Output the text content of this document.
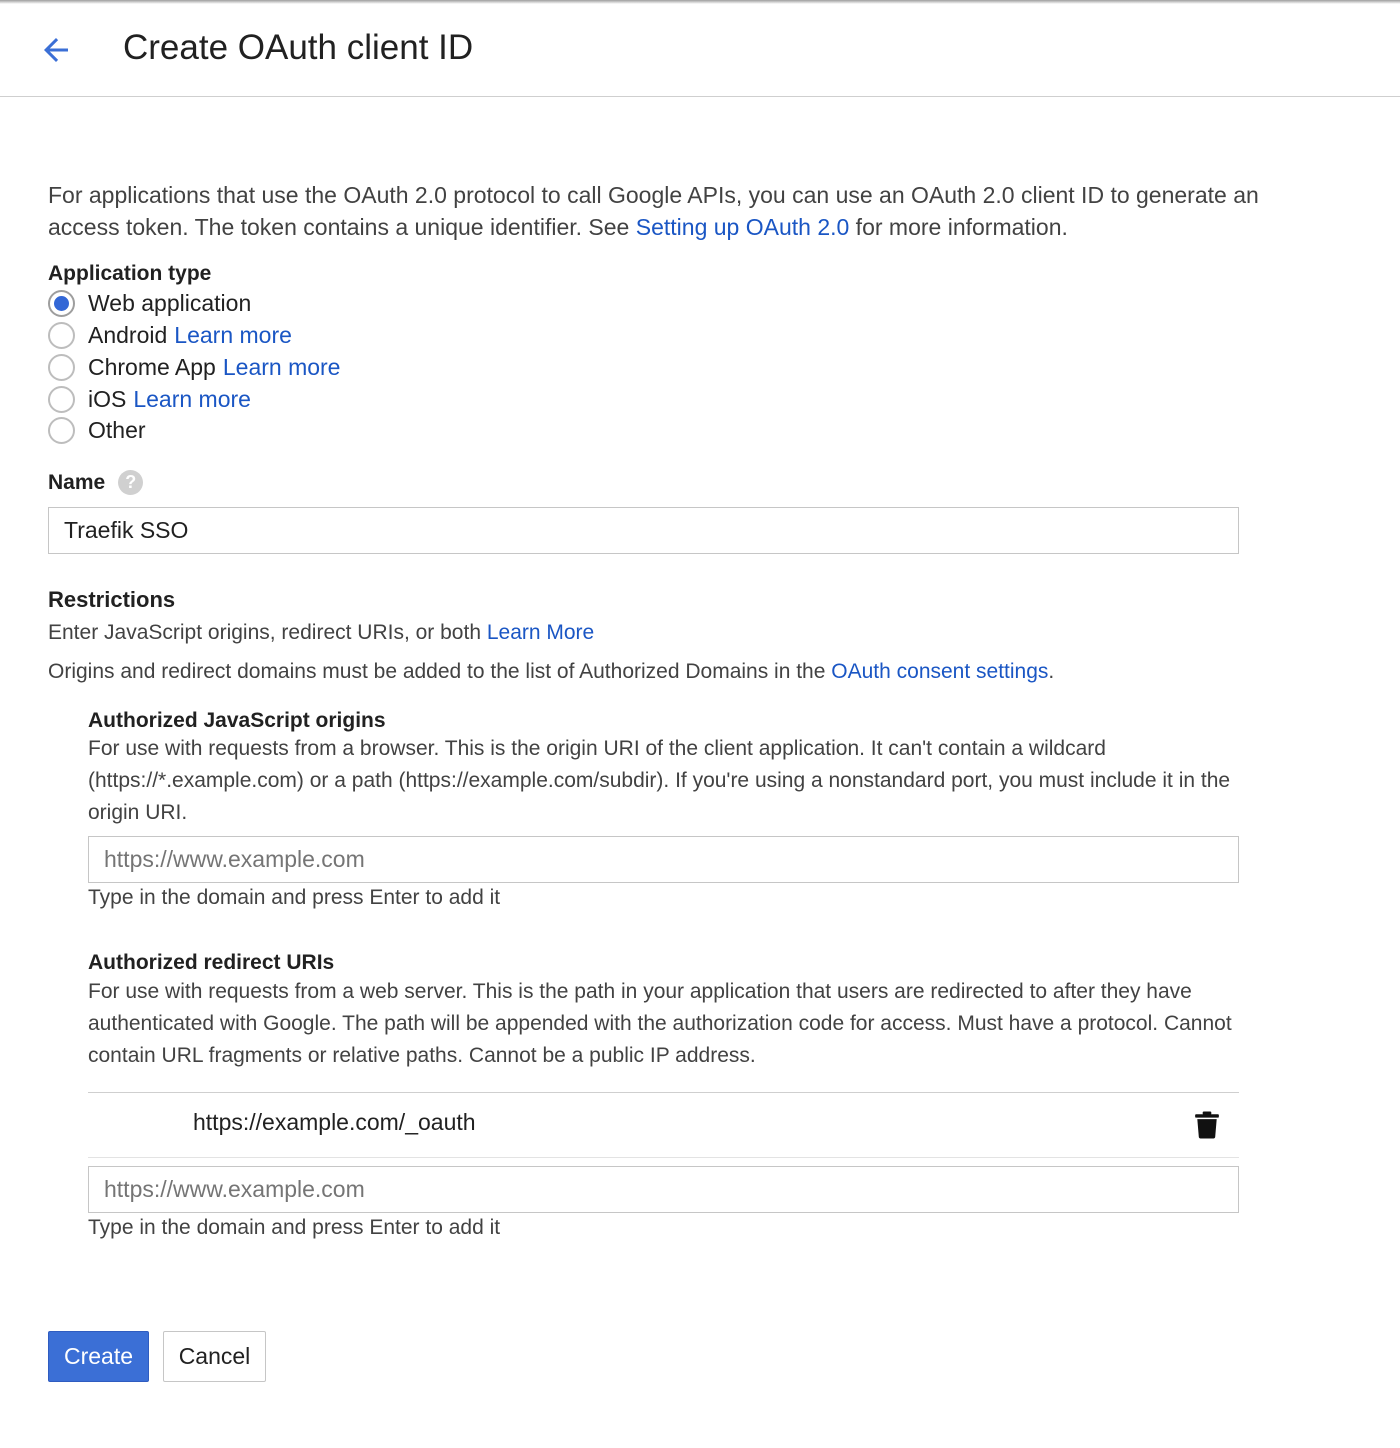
Create OAuth client ID

For applications that use the OAuth 2.0 protocol to call Google APIs, you can use an OAuth 2.0 client ID to generate an access token. The token contains a unique identifier. See Setting up OAuth 2.0 for more information.

Application type
Web application
Android Learn more
Chrome App Learn more
iOS Learn more
Other
Name	?
Traefik SSO
Restrictions

Enter JavaScript origins, redirect URIs, or both Learn More

Origins and redirect domains must be added to the list of Authorized Domains in the OAuth consent settings.

Authorized JavaScript origins

For use with requests from a browser. This is the origin URI of the client application. It can't contain a wildcard (https://*.example.com) or a path (https://example.com/subdir). If you're using a nonstandard port, you must include it in the origin URI.

https://www.example.com

Type in the domain and press Enter to add it

Authorized redirect URIs

For use with requests from a web server. This is the path in your application that users are redirected to after they have authenticated with Google. The path will be appended with the authorization code for access. Must have a protocol. Cannot contain URL fragments or relative paths. Cannot be a public IP address.

https://example.com/_oauth
https://www.example.com

Type in the domain and press Enter to add it

Create	Cancel
